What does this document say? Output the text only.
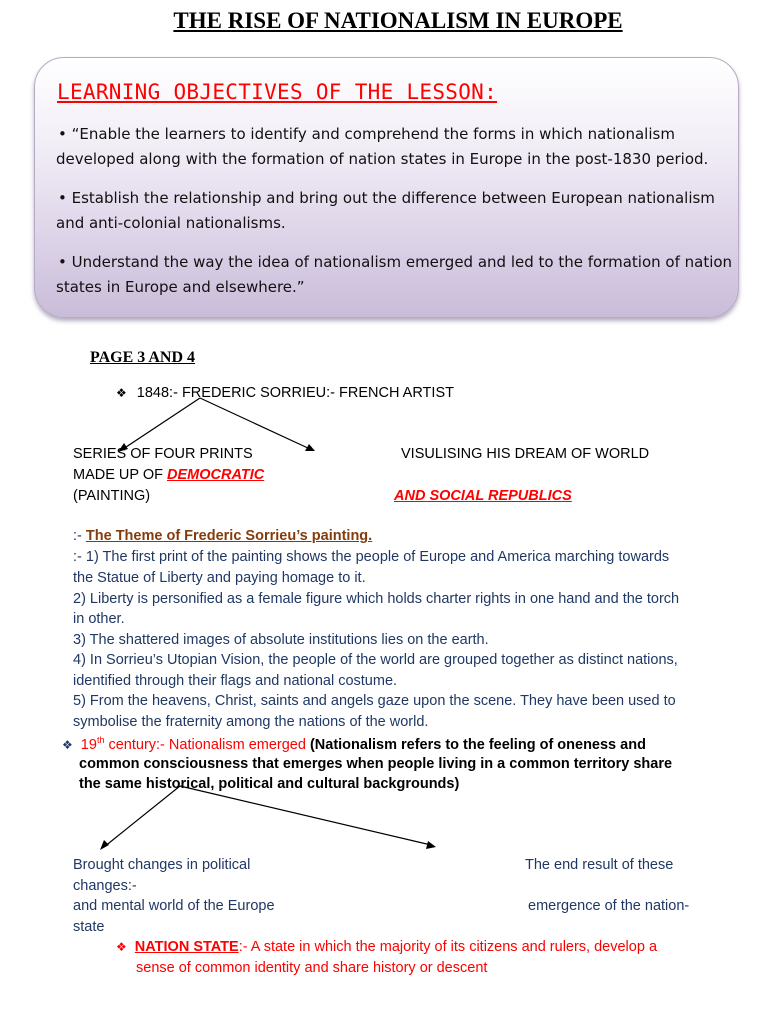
THE RISE OF NATIONALISM IN EUROPE
LEARNING OBJECTIVES OF THE LESSON:
• “Enable the learners to identify and comprehend the forms in which nationalism
developed along with the formation of nation states in Europe in the post-1830 period.
• Establish the relationship and bring out the difference between European nationalism
and anti-colonial nationalisms.
• Understand the way the idea of nationalism emerged and led to the formation of nation
states in Europe and elsewhere.”
PAGE 3 AND 4
❖ 1848:- FREDERIC SORRIEU:- FRENCH ARTIST
SERIES OF FOUR PRINTS
MADE UP OF DEMOCRATIC
(PAINTING)
VISULISING HIS DREAM OF WORLD
AND SOCIAL REPUBLICS
:- The Theme of Frederic Sorrieu’s painting.
:- 1) The first print of the painting shows the people of Europe and America marching towards
the Statue of Liberty and paying homage to it.
2) Liberty is personified as a female figure which holds charter rights in one hand and the torch
in other.
3) The shattered images of absolute institutions lies on the earth.
4) In Sorrieu’s Utopian Vision, the people of the world are grouped together as distinct nations,
identified through their flags and national costume.
5) From the heavens, Christ, saints and angels gaze upon the scene. They have been used to
symbolise the fraternity among the nations of the world.
❖ 19th century:- Nationalism emerged (Nationalism refers to the feeling of oneness and
common consciousness that emerges when people living in a common territory share
the same historical, political and cultural backgrounds)
Brought changes in political
changes:-
and mental world of the Europe
state
The end result of these
emergence of the nation-
❖ NATION STATE:- A state in which the majority of its citizens and rulers, develop a
sense of common identity and share history or descent
